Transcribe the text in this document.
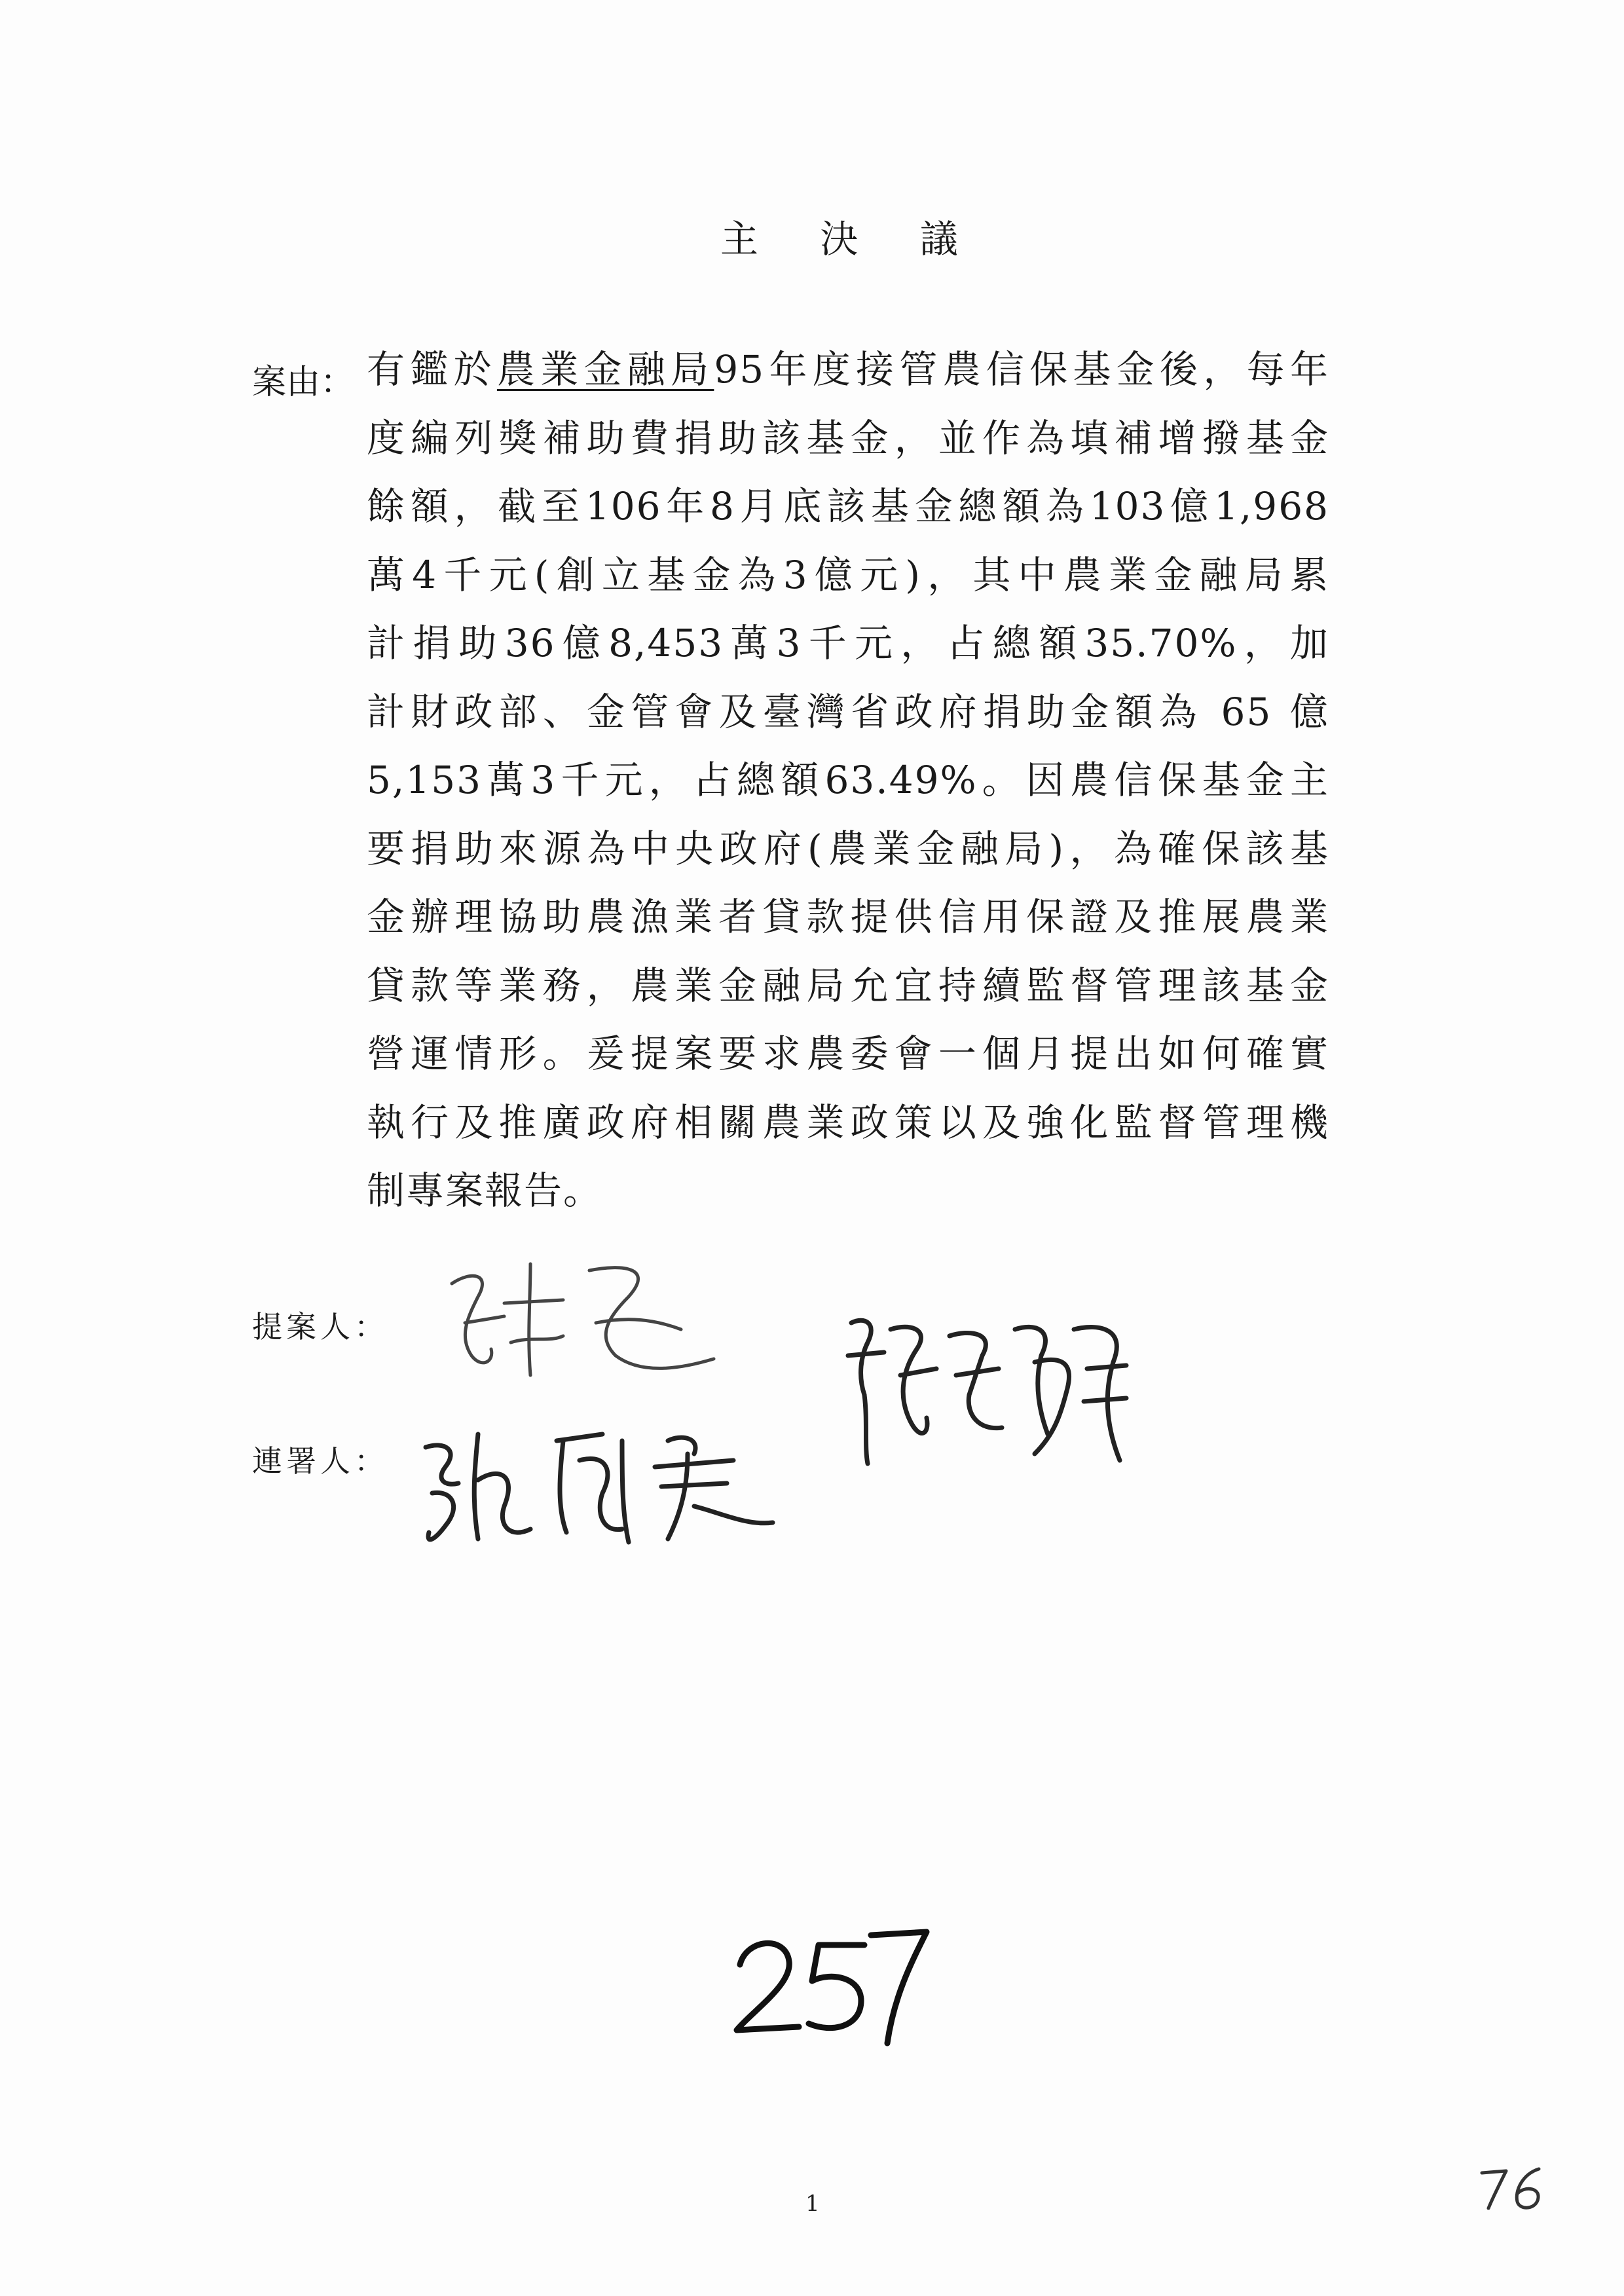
主 決 議
案由： 有鑑於農業金融局95年度接管農信保基金後，每年
度編列獎補助費捐助該基金，並作為填補增撥基金
餘額，截至106年8月底該基金總額為103億1,968
萬4千元(創立基金為3億元)，其中農業金融局累
計捐助36億8,453萬3千元，占總額35.70%，加
計財政部、金管會及臺灣省政府捐助金額為 65 億
5,153萬3千元，占總額63.49%。因農信保基金主
要捐助來源為中央政府(農業金融局)，為確保該基
金辦理協助農漁業者貸款提供信用保證及推展農業
貸款等業務，農業金融局允宜持續監督管理該基金
營運情形。爰提案要求農委會一個月提出如何確實
執行及推廣政府相關農業政策以及強化監督管理機
制專案報告。
提案人：
連署人：
1
